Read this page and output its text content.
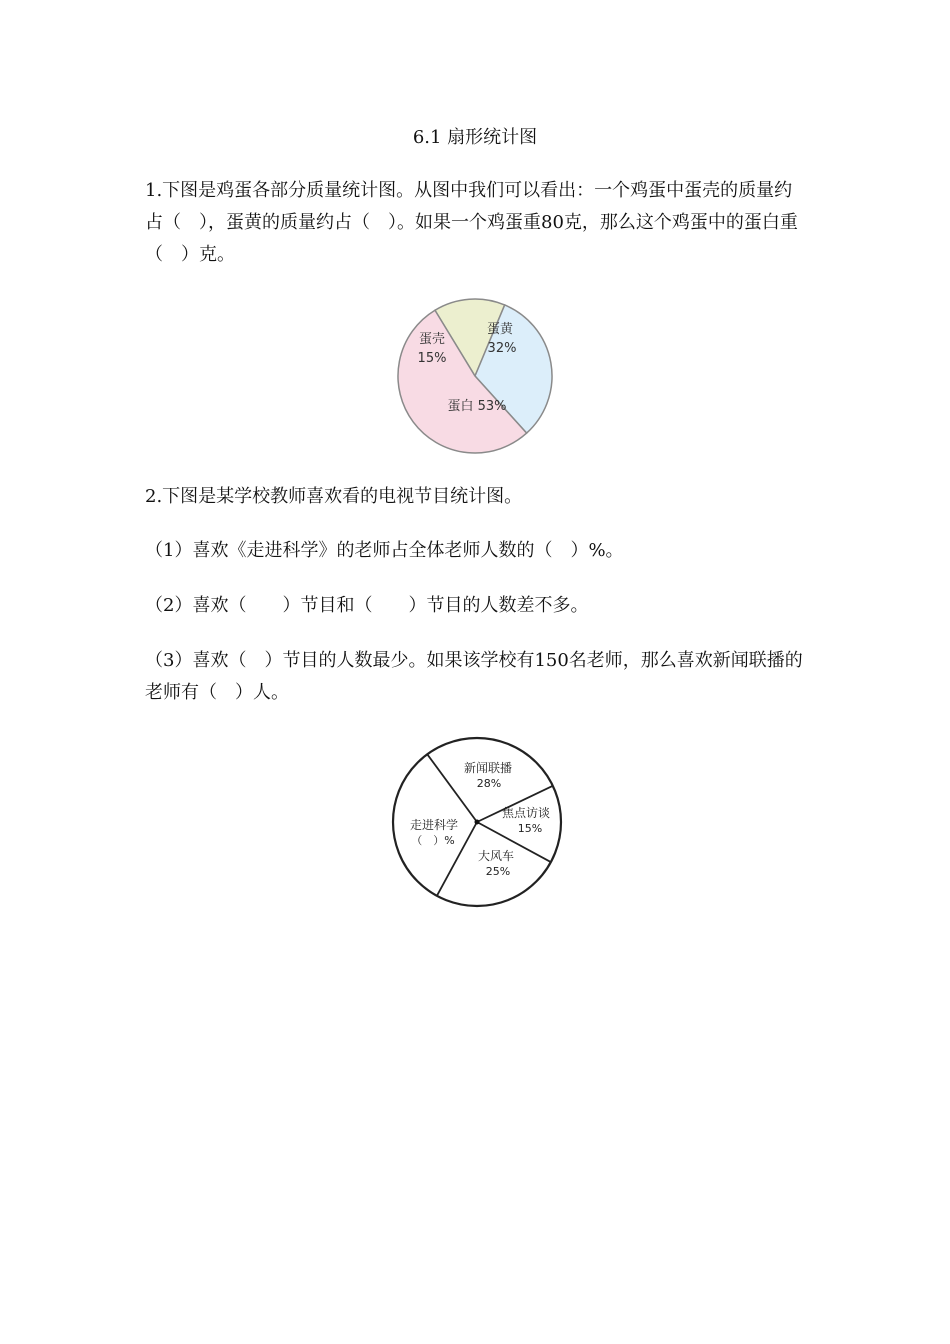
6.1 扇形统计图
1.下图是鸡蛋各部分质量统计图。从图中我们可以看出：一个鸡蛋中蛋壳的质量约占（　），蛋黄的质量约占（　）。如果一个鸡蛋重80克，那么这个鸡蛋中的蛋白重（　）克。
蛋壳
15%
蛋黄
32%
蛋白 53%
2.下图是某学校教师喜欢看的电视节目统计图。
（1）喜欢《走进科学》的老师占全体老师人数的（　）%。
（2）喜欢（　　）节目和（　　）节目的人数差不多。
（3）喜欢（　）节目的人数最少。如果该学校有150名老师，那么喜欢新闻联播的老师有（　）人。
新闻联播
28%
焦点访谈
15%
大风车
25%
走进科学
（　）%
